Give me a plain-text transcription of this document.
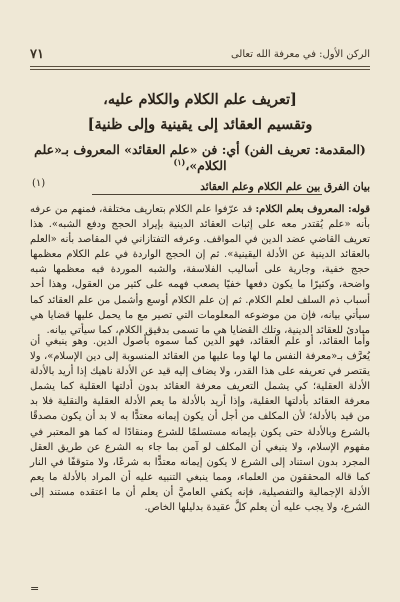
الركن الأول: في معرفة الله تعالى
٧١
[تعريف علم الكلام والكلام عليه،
وتقسيم العقائد إلى يقينية وإلى ظنية]
(المقدمة: تعريف الفن) أي: فن «علم العقائد» المعروف بـ«علم الكلام»،$^{(١)}$
(١)	بيان الفرق بين علم الكلام وعلم العقائد
قوله: المعروف بعلم الكلام: قد عرّفوا علم الكلام بتعاريف مختلفة، فمنهم من عرفه بأنه «علم يُقتدر معه على إثبات العقائد الدينية بإيراد الحجج ودفع الشبه». هذا تعريف القاضي عضد الدين في المواقف. وعرفه التفتازاني في المقاصد بأنه «العلم بالعقائد الدينية عن الأدلة اليقينية». ثم إن الحجج الواردة في علم الكلام معظمها حجج خفية، وجارية على أساليب الفلاسفة، والشبه الموردة فيه معظمها شبه واضحة، وكثيرًا ما يكون دفعها خفيًا يصعب فهمه على كثير من العقول، وهذا أحد أسباب ذم السلف لعلم الكلام. ثم إن علم الكلام أوسع وأشمل من علم العقائد كما سيأتي بيانه، فإن من موضوعه المعلومات التي تصير مع ما يحمل عليها قضايا هي مبادئ للعقائد الدينية، وتلك القضايا هي ما تسمى بدقيق الكلام، كما سيأتي بيانه.
وأما العقائد، أو علم العقائد، فهو الدين كما سموه بأصول الدين. وهو ينبغي أن يُعرَّف بـ«معرفة النفس ما لها وما عليها من العقائد المنسوبة إلى دين الإسلام»، ولا يقتصر في تعريفه على هذا القدر، ولا يضاف إليه قيد عن الأدلة ناهيك إذا أريد بالأدلة الأدلة العقلية؛ كي يشمل التعريف معرفة العقائد بدون أدلتها العقلية كما يشمل معرفة العقائد بأدلتها العقلية، وإذا أريد بالأدلة ما يعم الأدلة العقلية والنقلية فلا بد من قيد بالأدلة؛ لأن المكلف من أجل أن يكون إيمانه معتدًّا به لا بد أن يكون مصدقًا بالشرع وبالأدلة حتى يكون بإيمانه مستسلمًا للشرع ومنقادًا له كما هو المعتبر في مفهوم الإسلام، ولا ينبغي أن المكلف لو آمن بما جاء به الشرع عن طريق العقل المجرد بدون استناد إلى الشرع لا يكون إيمانه معتدًّا به شرعًا، ولا متوقفًا في النار كما قاله المحققون من العلماء، ومما ينبغي التنبيه عليه أن المراد بالأدلة ما يعم الأدلة الإجمالية والتفصيلية، فإنه يكفي العاميَّ أن يعلم أن ما اعتقده مستند إلى الشرع، ولا يجب عليه أن يعلم كلَّ عقيدة بدليلها الخاص.
=
